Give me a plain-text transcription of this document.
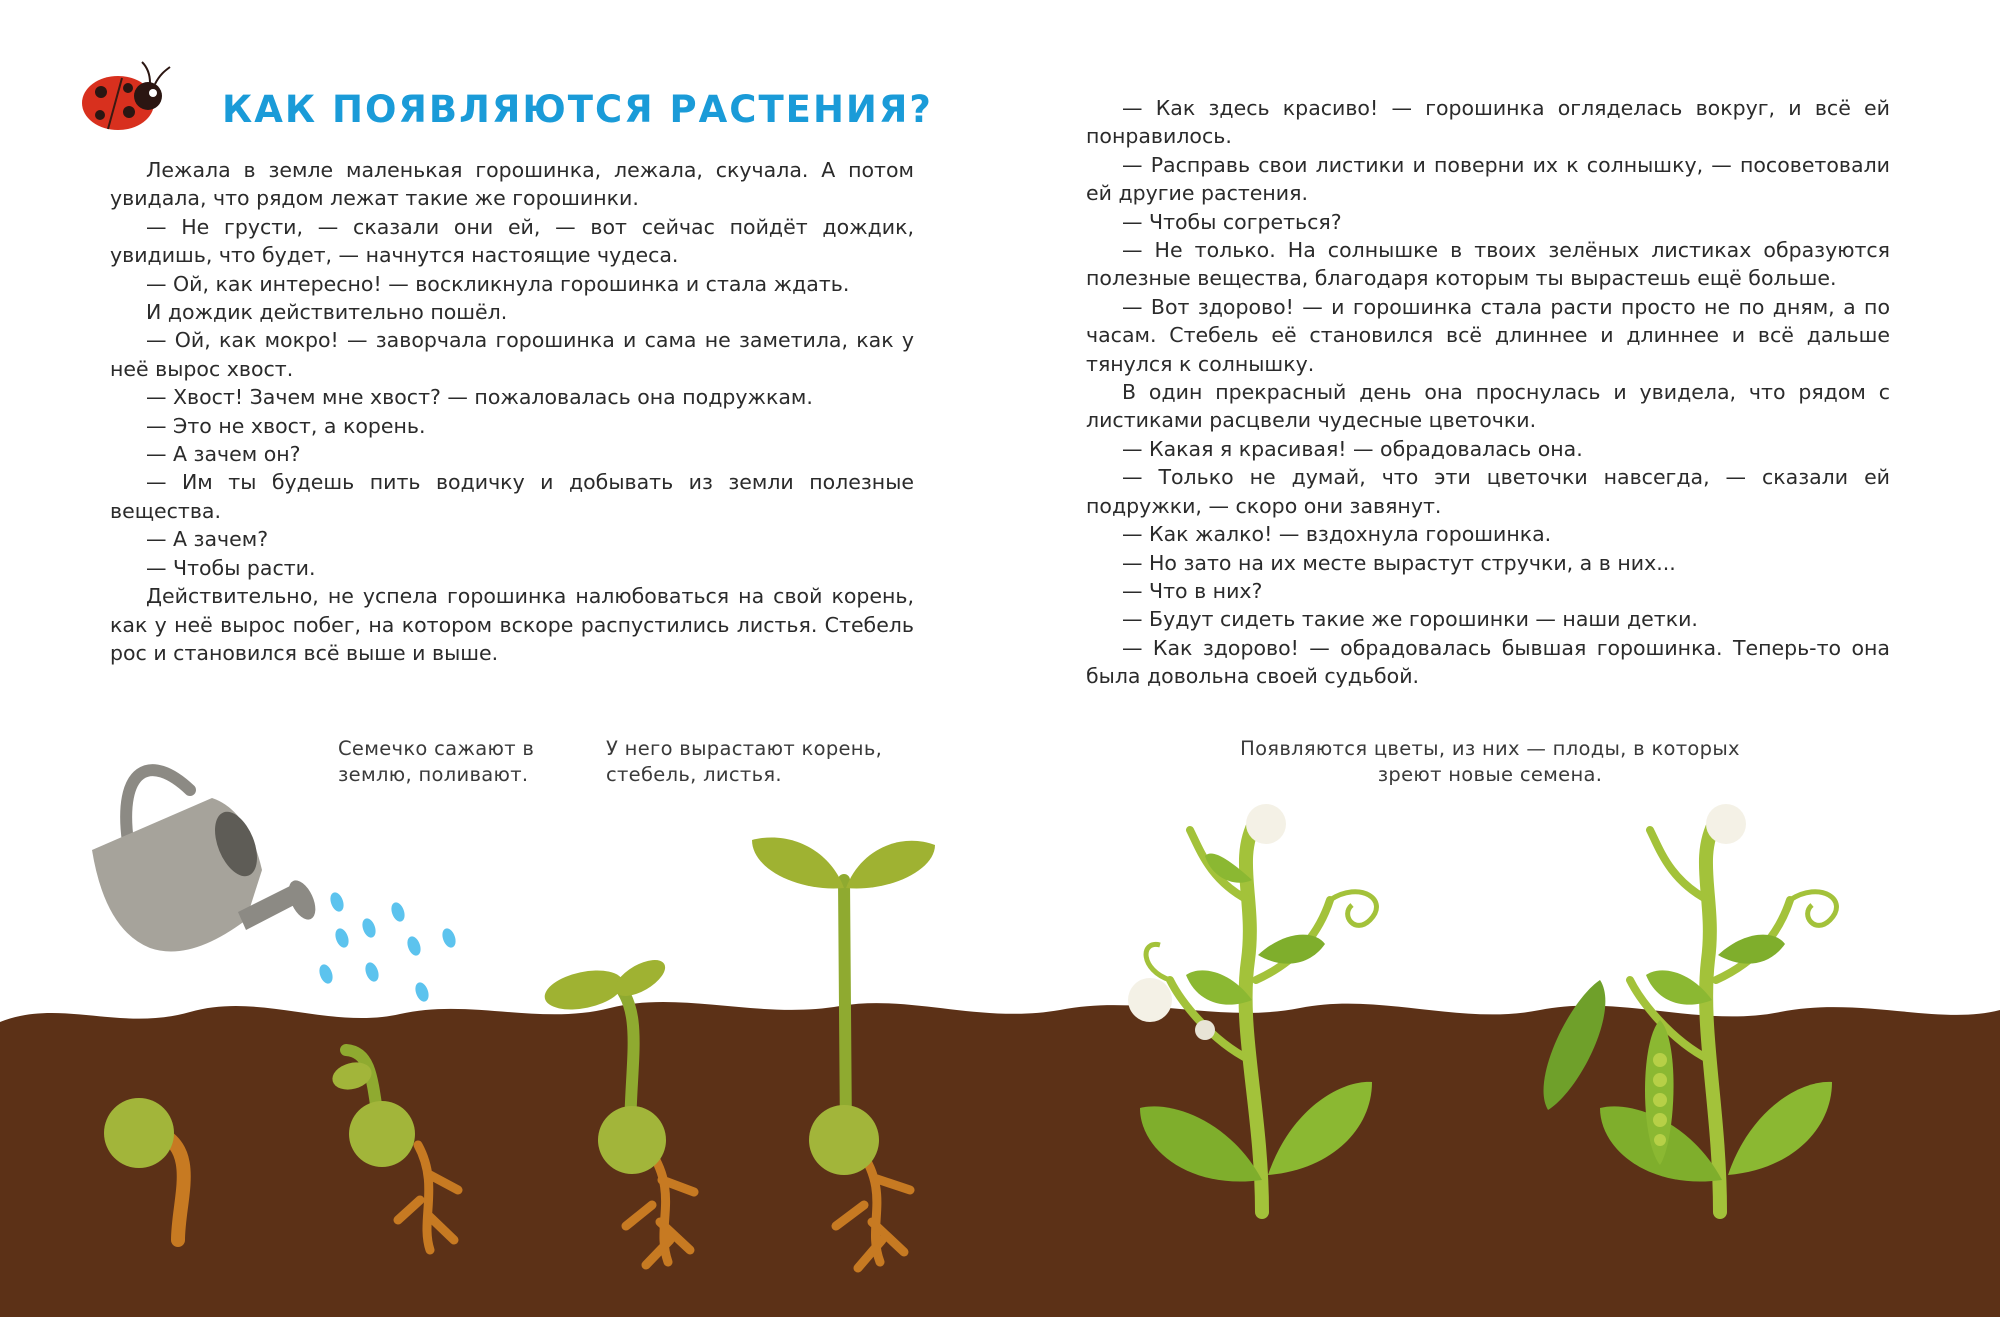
КАК ПОЯВЛЯЮТСЯ РАСТЕНИЯ?

Лежала в земле маленькая горошинка, лежала, скучала. А потом увидала, что рядом лежат такие же горошинки.

— Не грусти, — сказали они ей, — вот сейчас пойдёт дождик, увидишь, что будет, — начнутся настоящие чудеса.

— Ой, как интересно! — воскликнула горошинка и стала ждать.

И дождик действительно пошёл.

— Ой, как мокро! — заворчала горошинка и сама не заметила, как у неё вырос хвост.

— Хвост! Зачем мне хвост? — пожаловалась она подружкам.

— Это не хвост, а корень.

— А зачем он?

— Им ты будешь пить водичку и добывать из земли полезные вещества.

— А зачем?

— Чтобы расти.

Действительно, не успела горошинка налюбоваться на свой корень, как у неё вырос побег, на котором вскоре распустились листья. Стебель рос и становился всё выше и выше.

— Как здесь красиво! — горошинка огляделась вокруг, и всё ей понравилось.

— Расправь свои листики и поверни их к солнышку, — посоветовали ей другие растения.

— Чтобы согреться?

— Не только. На солнышке в твоих зелёных листиках образуются полезные вещества, благодаря которым ты вырастешь ещё больше.

— Вот здорово! — и горошинка стала расти просто не по дням, а по часам. Стебель её становился всё длиннее и длиннее и всё дальше тянулся к солнышку.

В один прекрасный день она проснулась и увидела, что рядом с листиками расцвели чудесные цветочки.

— Какая я красивая! — обрадовалась она.

— Только не думай, что эти цветочки навсегда, — сказали ей подружки, — скоро они завянут.

— Как жалко! — вздохнула горошинка.

— Но зато на их месте вырастут стручки, а в них...

— Что в них?

— Будут сидеть такие же горошинки — наши детки.

— Как здорово! — обрадовалась бывшая горошинка. Теперь-то она была довольна своей судьбой.

Семечко сажают в землю, поливают.
У него вырастают корень, стебель, листья.
Появляются цветы, из них — плоды, в которых зреют новые семена.
